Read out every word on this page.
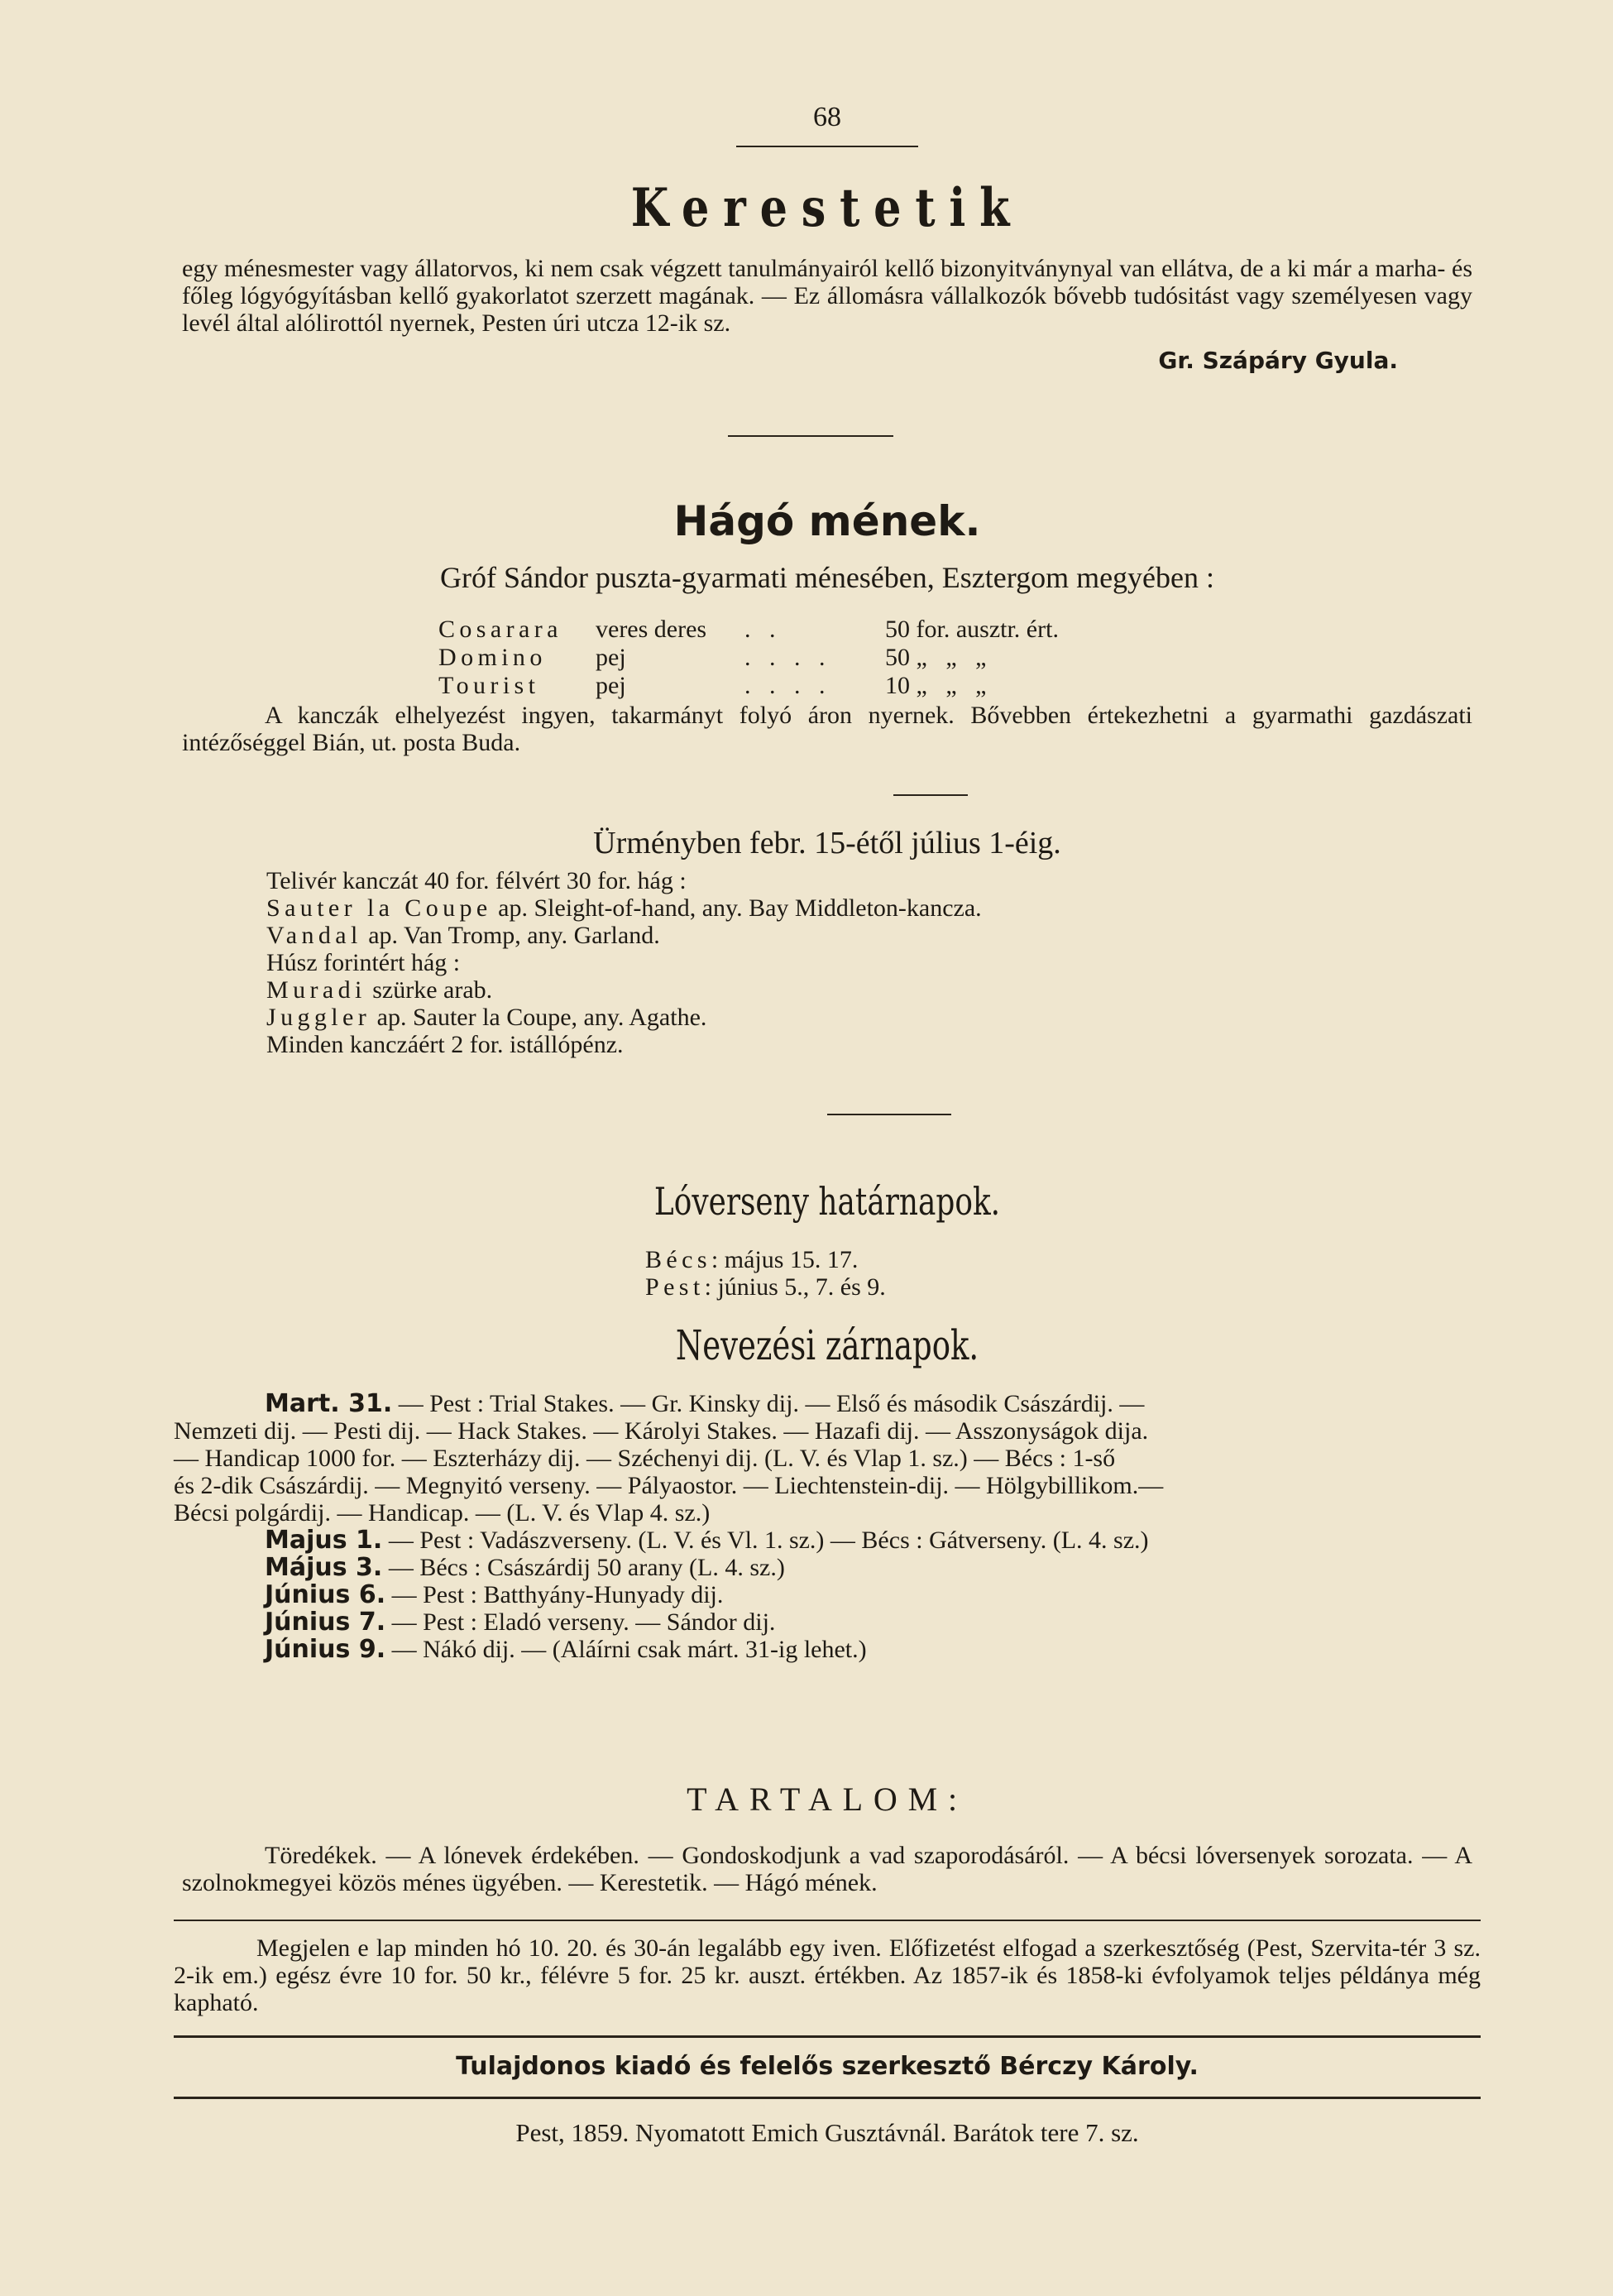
68
Kerestetik

egy ménesmester vagy állatorvos, ki nem csak végzett tanulmányairól kellő bizonyitványnyal van ellátva, de a ki már a marha- és főleg lógyógyításban kellő gyakorlatot szerzett magának. — Ez állomásra vállalkozók bővebb tudósitást vagy személyesen vagy levél által alólirottól nyernek, Pesten úri utcza 12-ik sz.

Gr. Szápáry Gyula.
Hágó mének.
Gróf Sándor puszta-gyarmati ménesében, Esztergom megyében :
Cosarara	veres deres	.   .	50 for. ausztr. ért.
Domino	pej	.   .   .   .	50 „   „   „
Tourist	pej	.   .   .   .	10 „   „   „

A kanczák elhelyezést ingyen, takarmányt folyó áron nyernek. Bővebben értekezhetni a gyarmathi gazdászati intézőséggel Bián, ut. posta Buda.

Ürményben febr. 15-étől július 1-éig.
Telivér kanczát 40 for. félvért 30 for. hág :
Sauter la Coupe ap. Sleight-of-hand, any. Bay Middleton-kancza.
Vandal ap. Van Tromp, any. Garland.
Húsz forintért hág :
Muradi szürke arab.
Juggler ap. Sauter la Coupe, any. Agathe.
Minden kanczáért 2 for. istállópénz.
Lóverseny határnapok.
Bécs: május 15. 17.
Pest: június 5., 7. és 9.
Nevezési zárnapok.
Mart. 31. — Pest : Trial Stakes. — Gr. Kinsky dij. — Első és második Császárdij. —
Nemzeti dij. — Pesti dij. — Hack Stakes. — Károlyi Stakes. — Hazafi dij. — Asszonyságok dija.
— Handicap 1000 for. — Eszterházy dij. — Széchenyi dij. (L. V. és Vlap 1. sz.) — Bécs : 1-ső
és 2-dik Császárdij. — Megnyitó verseny. — Pályaostor. — Liechtenstein-dij. — Hölgybillikom.—
Bécsi polgárdij. — Handicap. — (L. V. és Vlap 4. sz.)
Majus 1. — Pest : Vadászverseny. (L. V. és Vl. 1. sz.) — Bécs : Gátverseny. (L. 4. sz.)
Május 3. — Bécs : Császárdij 50 arany (L. 4. sz.)
Június 6. — Pest : Batthyány-Hunyady dij.
Június 7. — Pest : Eladó verseny. — Sándor dij.
Június 9. — Nákó dij. — (Aláírni csak márt. 31-ig lehet.)
TARTALOM:

Töredékek. — A lónevek érdekében. — Gondoskodjunk a vad szaporodásáról. — A bécsi lóversenyek sorozata. — A szolnokmegyei közös ménes ügyében. — Kerestetik. — Hágó mének.

Megjelen e lap minden hó 10. 20. és 30-án legalább egy iven. Előfizetést elfogad a szerkesztőség (Pest, Szervita-tér 3 sz. 2-ik em.) egész évre 10 for. 50 kr., félévre 5 for. 25 kr. auszt. értékben. Az 1857-ik és 1858-ki évfolyamok teljes példánya még kapható.

Tulajdonos kiadó és felelős szerkesztő Bérczy Károly.
Pest, 1859. Nyomatott Emich Gusztávnál. Barátok tere 7. sz.
